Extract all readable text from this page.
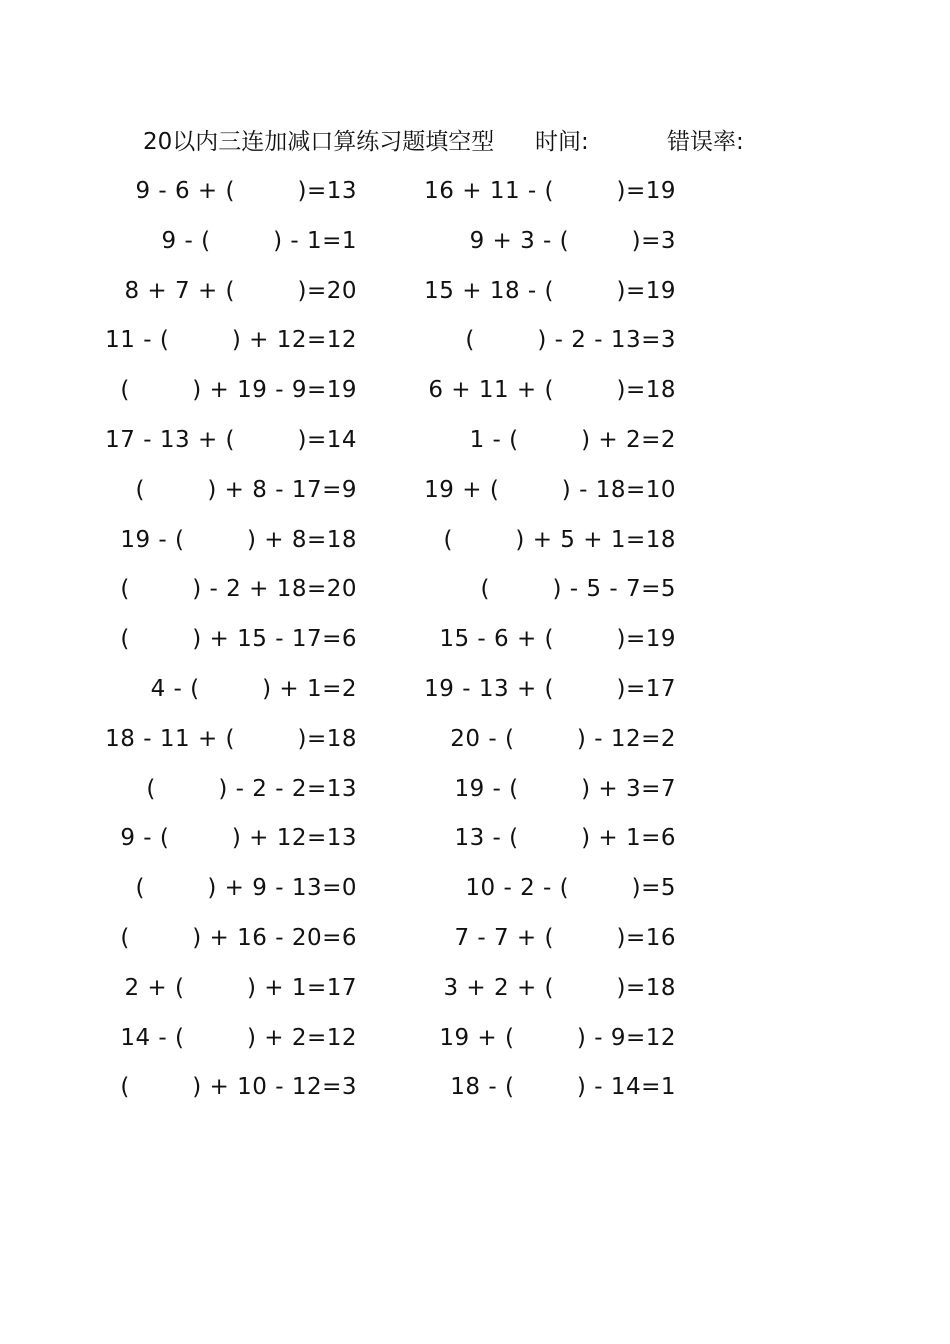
20以内三连加减口算练习题填空型 时间:	错误率:
9 - 6 + (        )=13
9 - (        ) - 1=1
8 + 7 + (        )=20
11 - (        ) + 12=12
(        ) + 19 - 9=19
17 - 13 + (        )=14
(        ) + 8 - 17=9
19 - (        ) + 8=18
(        ) - 2 + 18=20
(        ) + 15 - 17=6
4 - (        ) + 1=2
18 - 11 + (        )=18
(        ) - 2 - 2=13
9 - (        ) + 12=13
(        ) + 9 - 13=0
(        ) + 16 - 20=6
2 + (        ) + 1=17
14 - (        ) + 2=12
(        ) + 10 - 12=3
16 + 11 - (        )=19
9 + 3 - (        )=3
15 + 18 - (        )=19
(        ) - 2 - 13=3
6 + 11 + (        )=18
1 - (        ) + 2=2
19 + (        ) - 18=10
(        ) + 5 + 1=18
(        ) - 5 - 7=5
15 - 6 + (        )=19
19 - 13 + (        )=17
20 - (        ) - 12=2
19 - (        ) + 3=7
13 - (        ) + 1=6
10 - 2 - (        )=5
7 - 7 + (        )=16
3 + 2 + (        )=18
19 + (        ) - 9=12
18 - (        ) - 14=1
